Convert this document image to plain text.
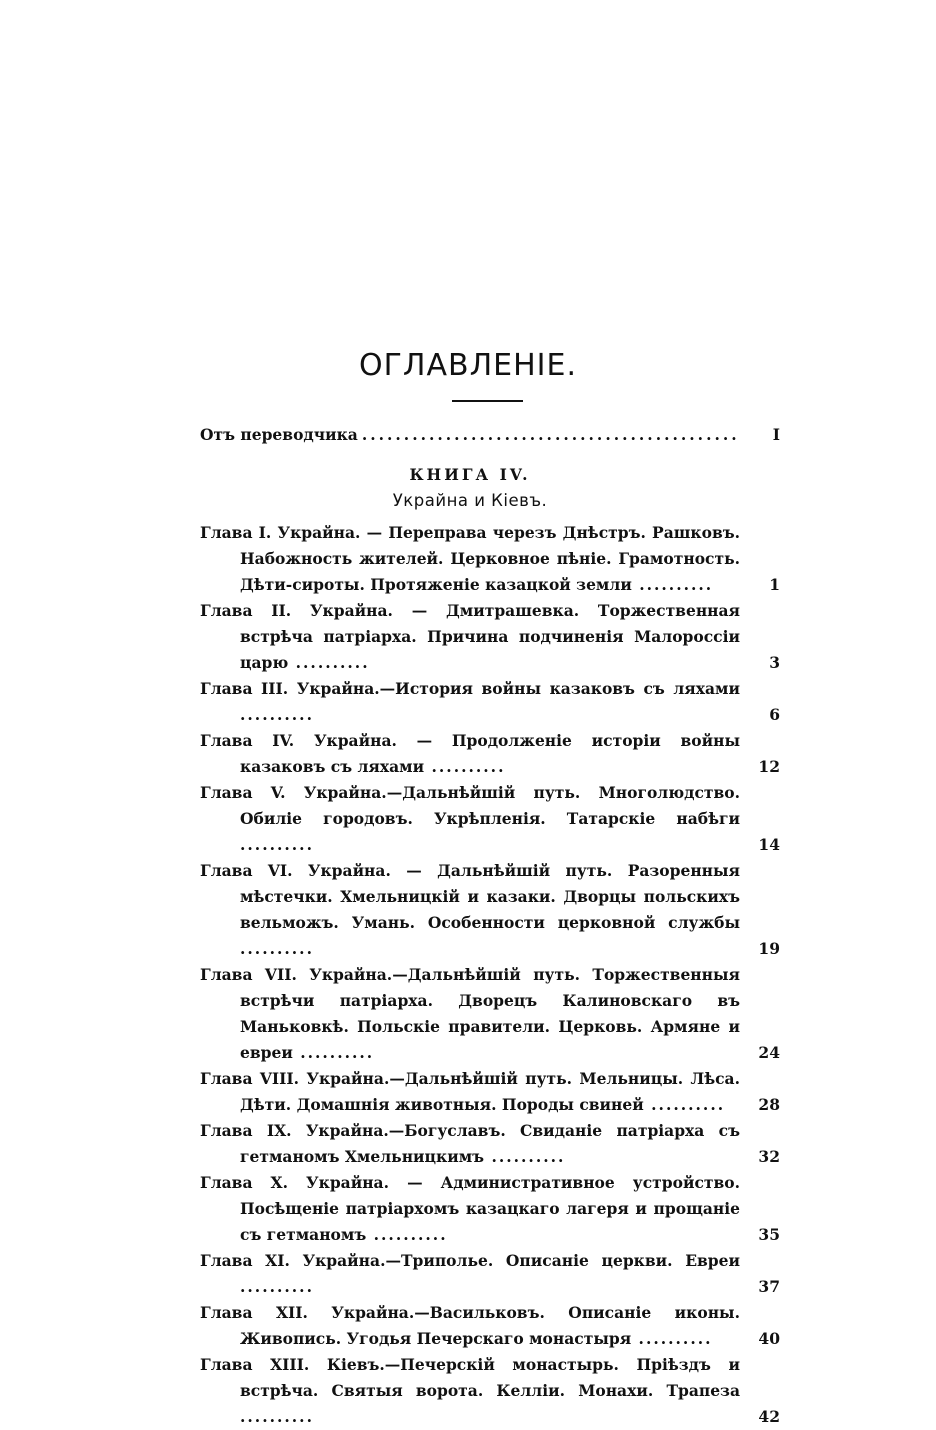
ОГЛАВЛЕНІЕ.
Отъ переводчика .....	I
КНИГА IV.
Украйна и Кіевъ.
Глава I. Украйна. — Переправа черезъ Днѣстръ. Рашковъ. Набожность жителей. Церковное пѣніе. Грамотность. Дѣти-сироты. Протяженіе казацкой земли ..........	1
Глава II. Украйна. — Дмитрашевка. Торжественная встрѣча патріарха. Причина подчиненія Малороссіи царю ..........	3
Глава III. Украйна.—История войны казаковъ съ ляхами ..........	6
Глава IV. Украйна. — Продолженіе исторіи войны казаковъ съ ляхами ..........	12
Глава V. Украйна.—Дальнѣйшій путь. Многолюдство. Обиліе городовъ. Укрѣпленія. Татарскіе набѣги ..........	14
Глава VI. Украйна. — Дальнѣйшій путь. Разоренныя мѣстечки. Хмельницкій и казаки. Дворцы польскихъ вельможъ. Умань. Особенности церковной службы ..........	19
Глава VII. Украйна.—Дальнѣйшій путь. Торжественныя встрѣчи патріарха. Дворецъ Калиновскаго въ Маньковкѣ. Польскіе правители. Церковь. Армяне и евреи ..........	24
Глава VIII. Украйна.—Дальнѣйшій путь. Мельницы. Лѣса. Дѣти. Домашнія животныя. Породы свиней ..........	28
Глава IX. Украйна.—Богуславъ. Свиданіе патріарха съ гетманомъ Хмельницкимъ ..........	32
Глава X. Украйна. — Административное устройство. Посѣщеніе патріархомъ казацкаго лагеря и прощаніе съ гетманомъ ..........	35
Глава XI. Украйна.—Триполье. Описаніе церкви. Евреи ..........	37
Глава XII. Украйна.—Васильковъ. Описаніе иконы. Живопись. Угодья Печерскаго монастыря ..........	40
Глава XIII. Кіевъ.—Печерскій монастырь. Пріѣздъ и встрѣча. Святыя ворота. Келліи. Монахи. Трапеза ..........	42
